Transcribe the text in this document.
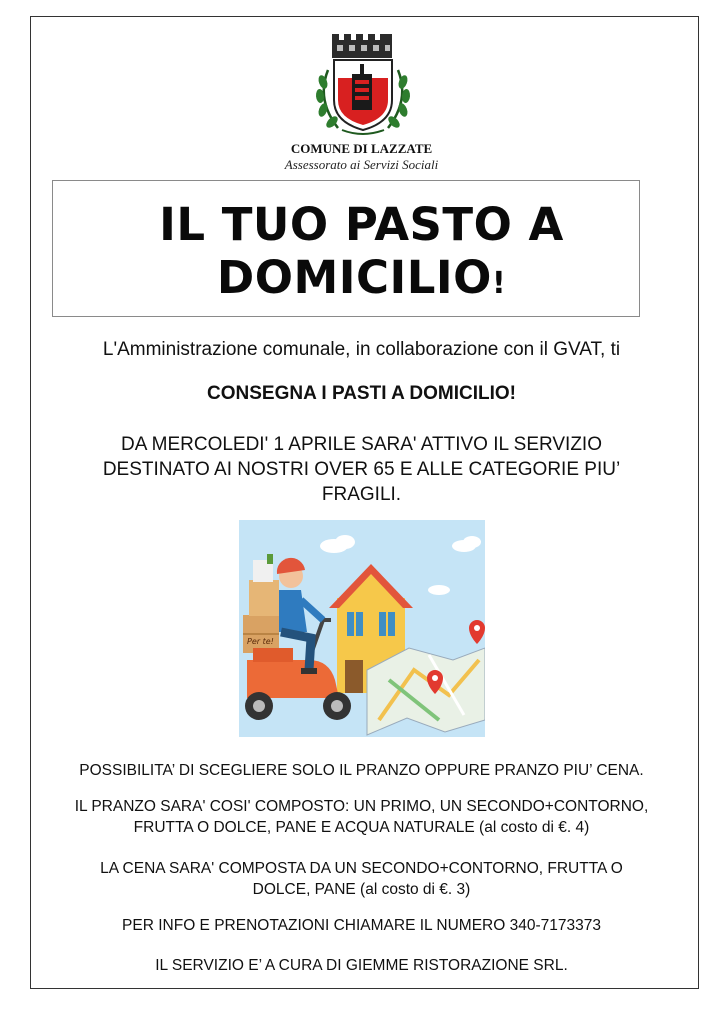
COMUNE DI LAZZATE
Assessorato ai Servizi Sociali
IL TUO PASTO A
DOMICILIO!
L'Amministrazione comunale, in collaborazione con il GVAT, ti
CONSEGNA I PASTI A DOMICILIO!
DA MERCOLEDI' 1 APRILE SARA' ATTIVO IL SERVIZIO
DESTINATO AI NOSTRI OVER 65 E ALLE CATEGORIE PIU’
FRAGILI.
Per te!
POSSIBILITA’ DI SCEGLIERE SOLO IL PRANZO OPPURE PRANZO PIU’ CENA.
IL PRANZO SARA' COSI' COMPOSTO: UN PRIMO, UN SECONDO+CONTORNO,
FRUTTA O DOLCE, PANE E ACQUA NATURALE (al costo di €. 4)
LA CENA SARA' COMPOSTA DA UN SECONDO+CONTORNO, FRUTTA O
DOLCE, PANE (al costo di €. 3)
PER INFO E PRENOTAZIONI CHIAMARE IL NUMERO 340-7173373
IL SERVIZIO E’ A CURA DI GIEMME RISTORAZIONE SRL.
